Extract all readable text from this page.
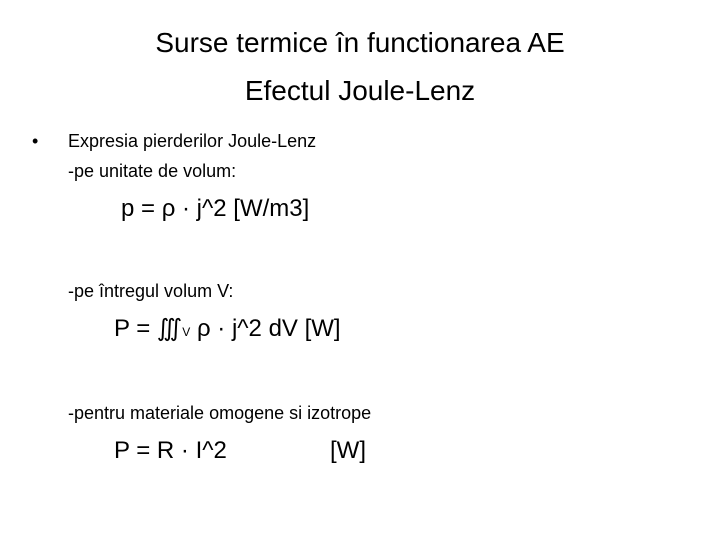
Surse termice în functionarea AE
Efectul Joule-Lenz
• Expresia pierderilor Joule-Lenz
-pe unitate de volum:
p = ρ · j^2 [W/m3]
-pe întregul volum V:
P = ∭V ρ · j^2 dV [W]
-pentru materiale omogene si izotrope
P = R · I^2	[W]
